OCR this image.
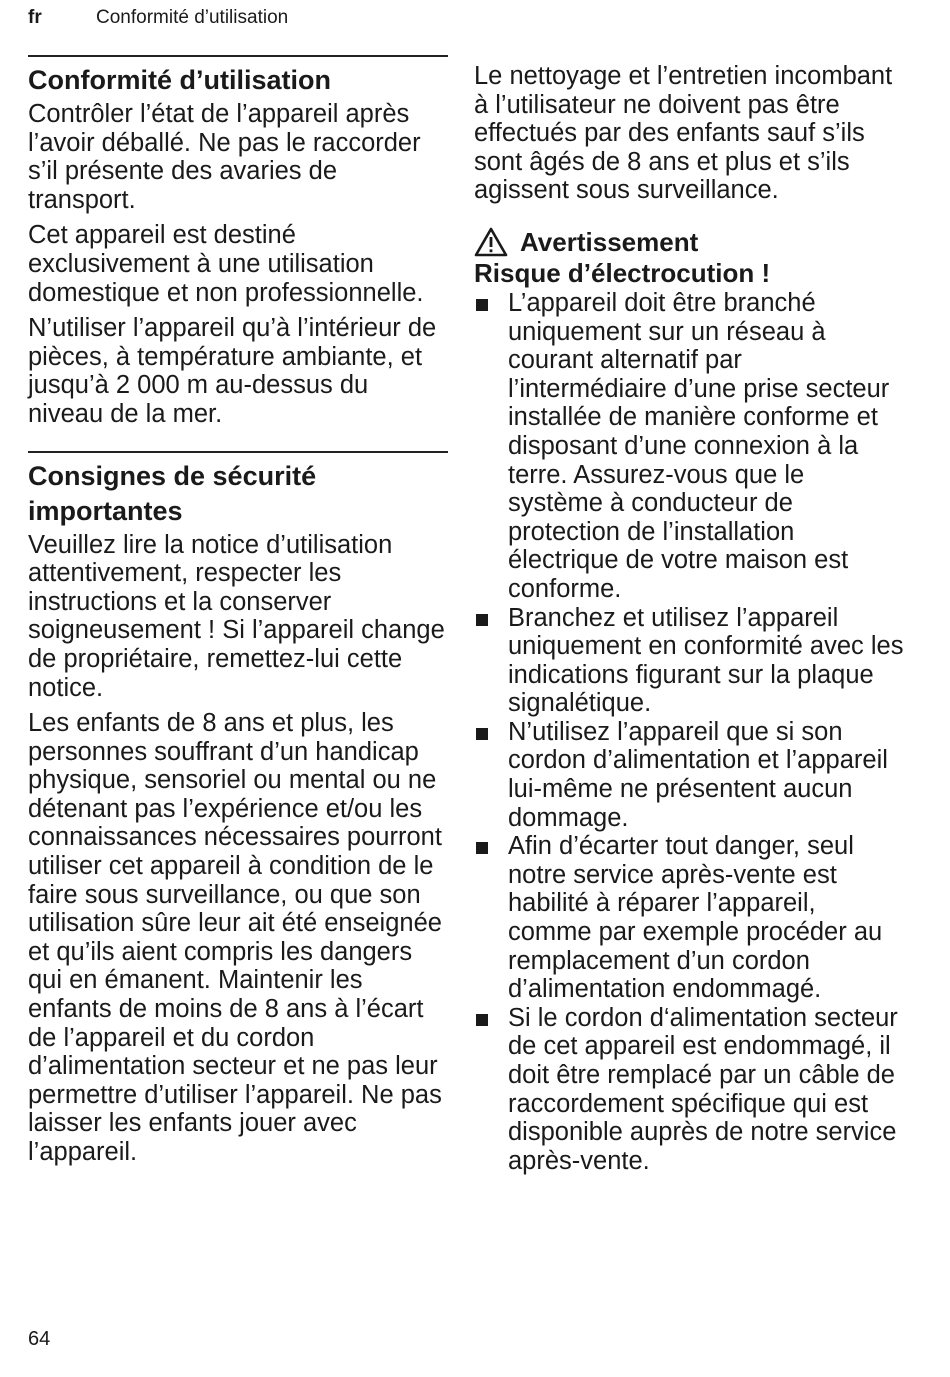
fr	Conformité d’utilisation
Conformité d’utilisation

Contrôler l’état de l’appareil après l’avoir déballé. Ne pas le raccorder s’il présente des avaries de transport.

Cet appareil est destiné exclusivement à une utilisation domestique et non professionnelle.

N’utiliser l’appareil qu’à l’intérieur de pièces, à température ambiante, et jusqu’à 2 000 m au-dessus du niveau de la mer.

Consignes de sécurité importantes

Veuillez lire la notice d’utilisation attentivement, respecter les instructions et la conserver soigneusement ! Si l’appareil change de propriétaire, remettez-lui cette notice.

Les enfants de 8 ans et plus, les personnes souffrant d’un handicap physique, sensoriel ou mental ou ne détenant pas l’expérience et/ou les connaissances nécessaires pourront utiliser cet appareil à condition de le faire sous surveillance, ou que son utilisation sûre leur ait été enseignée et qu’ils aient compris les dangers qui en émanent. Maintenir les enfants de moins de 8 ans à l’écart de l’appareil et du cordon d’alimentation secteur et ne pas leur permettre d’utiliser l’appareil. Ne pas laisser les enfants jouer avec l’appareil.

Le nettoyage et l’entretien incombant à l’utilisateur ne doivent pas être effectués par des enfants sauf s’ils sont âgés de 8 ans et plus et s’ils agissent sous surveillance.

Avertissement

Risque d’électrocution !

L’appareil doit être branché uniquement sur un réseau à courant alternatif par l’intermédiaire d’une prise secteur installée de manière conforme et disposant d’une connexion à la terre. Assurez-vous que le système à conducteur de protection de l’installation électrique de votre maison est conforme.
Branchez et utilisez l’appareil uniquement en conformité avec les indications figurant sur la plaque signalétique.
N’utilisez l’appareil que si son cordon d’alimentation et l’appareil lui-même ne présentent aucun dommage.
Afin d’écarter tout danger, seul notre service après-vente est habilité à réparer l’appareil, comme par exemple procéder au remplacement d’un cordon d’alimentation endommagé.
Si le cordon d‘alimentation secteur de cet appareil est endommagé, il doit être remplacé par un câble de raccordement spécifique qui est disponible auprès de notre service après-vente.
64
